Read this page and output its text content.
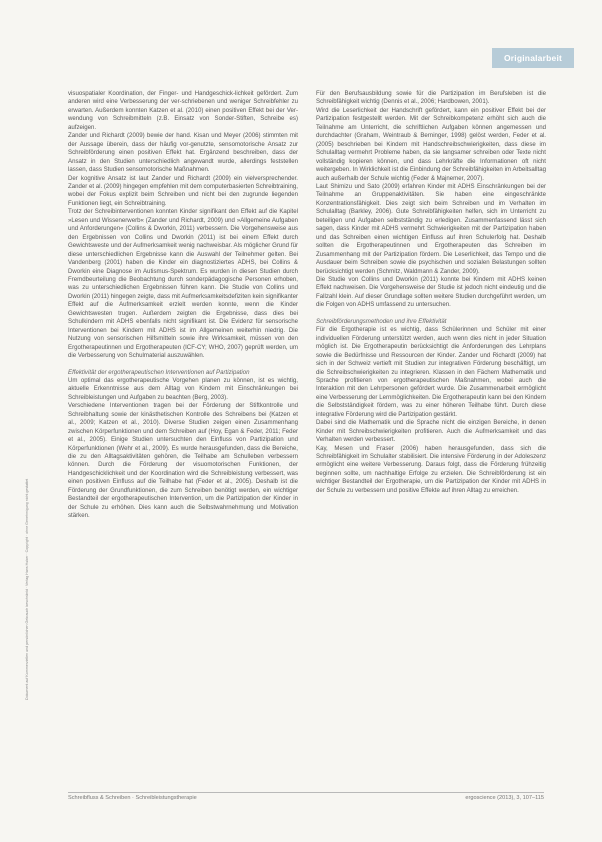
Originalarbeit
Dokument auf Kommerziellen und persönlichen Gebrauch beschränkt · Verlag Hans Huber · Copyright · ohne Genehmigung nicht gestattet

visuospatialer Koordination, der Finger- und Handgeschick-lichkeit gefördert. Zum anderen wird eine Verbesserung der ver-schriebenen und weniger Schreibfehler zu erwarten. Außerdem konnten Katzen et al. (2010) einen positiven Effekt bei der Ver-wendung von Schreibmitteln (z.B. Einsatz von Sonder-Stiften, Schreibe es) aufzeigen.

Zander und Richardt (2009) bewie der hand. Kisan und Meyer (2006) stimmten mit der Aussage überein, dass der häufig vor-genutzte, sensomotorische Ansatz zur Schreibförderung einen positiven Effekt hat. Ergänzend beschreiben, dass der Ansatz in den Studien unterschiedlich angewandt wurde, allerdings feststellen lassen, dass Studien sensomotorische Maßnahmen.

Der kognitive Ansatz ist laut Zander und Richardt (2009) ein vielversprechender. Zander et al. (2009) hingegen empfehlen mit dem computerbasierten Schreibtraining, wobei der Fokus explizit beim Schreiben und nicht bei den zugrunde liegenden Funktionen liegt, ein Schreibtraining.

Trotz der Schreibinterventionen konnten Kinder signifikant den Effekt auf die Kapitel »Lesen und Wissenerwerb« (Zander und Richardt, 2009) und »Allgemeine Aufgaben und Anforderungen« (Collins & Dworkin, 2011) verbessern. Die Vorgehensweise aus den Ergebnissen von Collins und Dworkin (2011) ist bei einem Effekt durch Gewichtsweste und der Aufmerksamkeit wenig nachweisbar. Als möglicher Grund für diese unterschiedlichen Ergebnisse kann die Auswahl der Teilnehmer gelten. Bei Vandenberg (2001) haben die Kinder ein diagnostiziertes ADHS, bei Collins & Dworkin eine Diagnose im Autismus-Spektrum. Es wurden in diesen Studien durch Fremdbeurteilung die Beobachtung durch sonderpädagogische Personen erhoben, was zu unterschiedlichen Ergebnissen führen kann. Die Studie von Collins und Dworkin (2011) hingegen zeigte, dass mit Aufmerksamkeitsdefiziten kein signifikanter Effekt auf die Aufmerksamkeit erzielt werden konnte, wenn die Kinder Gewichtswesten trugen. Außerdem zeigten die Ergebnisse, dass dies bei Schulkindern mit ADHS ebenfalls nicht signifikant ist. Die Evidenz für sensorische Interventionen bei Kindern mit ADHS ist im Allgemeinen weiterhin niedrig. Die Nutzung von sensorischen Hilfsmitteln sowie ihre Wirksamkeit, müssen von den Ergotherapeutinnen und Ergotherapeuten (ICF-CY; WHO, 2007) geprüft werden, um die Verbesserung von Schulmaterial auszuwählen.

Effektivität der ergotherapeutischen Interventionen auf Partizipation

Um optimal das ergotherapeutische Vorgehen planen zu können, ist es wichtig, aktuelle Erkenntnisse aus dem Alltag von Kindern mit Einschränkungen bei Schreibleistungen und Aufgaben zu beachten (Berg, 2003).

Verschiedene Interventionen tragen bei der Förderung der Stiftkontrolle und Schreibhaltung sowie der kinästhetischen Kontrolle des Schreibens bei (Katzen et al., 2009; Katzen et al., 2010). Diverse Studien zeigen einen Zusammenhang zwischen Körperfunktionen und dem Schreiben auf (Hoy, Egan & Feder, 2011; Feder et al., 2005). Einige Studien untersuchten den Einfluss von Partizipation und Körperfunktionen (Wehr et al., 2009). Es wurde herausgefunden, dass die Bereiche, die zu den Alltagsaktivitäten gehören, die Teilhabe am Schulleben verbessern können. Durch die Förderung der visuomotorischen Funktionen, der Handgeschicklichkeit und der Koordination wird die Schreibleistung verbessert, was einen positiven Einfluss auf die Teilhabe hat (Feder et al., 2005). Deshalb ist die Förderung der Grundfunktionen, die zum Schreiben benötigt werden, ein wichtiger Bestandteil der ergotherapeutischen Intervention, um die Partizipation der Kinder in der Schule zu erhöhen. Dies kann auch die Selbstwahrnehmung und Motivation stärken.

Für den Berufsausbildung sowie für die Partizipation im Berufsleben ist die Schreibfähigkeit wichtig (Dennis et al., 2006; Hardbowen, 2001).

Wird die Leserlichkeit der Handschrift gefördert, kann ein positiver Effekt bei der Partizipation festgestellt werden. Mit der Schreibkompetenz erhöht sich auch die Teilnahme am Unterricht, die schriftlichen Aufgaben können angemessen und durchdachter (Graham, Weintraub & Berninger, 1998) gelöst werden, Feder et al. (2005) beschrieben bei Kindern mit Handschreibschwierigkeiten, dass diese im Schulalltag vermehrt Probleme haben, da sie langsamer schreiben oder Texte nicht vollständig kopieren können, und dass Lehrkräfte die Informationen oft nicht weitergeben. In Wirklichkeit ist die Einbindung der Schreibfähigkeiten im Arbeitsalltag auch außerhalb der Schule wichtig (Feder & Majnemer, 2007).

Laut Shimizu und Sato (2009) erfahren Kinder mit ADHS Einschränkungen bei der Teilnahme an Gruppenaktivitäten. Sie haben eine eingeschränkte Konzentrationsfähigkeit. Dies zeigt sich beim Schreiben und im Verhalten im Schulalltag (Barkley, 2006). Gute Schreibfähigkeiten helfen, sich im Unterricht zu beteiligen und Aufgaben selbstständig zu erledigen. Zusammenfassend lässt sich sagen, dass Kinder mit ADHS vermehrt Schwierigkeiten mit der Partizipation haben und das Schreiben einen wichtigen Einfluss auf ihren Schulerfolg hat. Deshalb sollten die Ergotherapeutinnen und Ergotherapeuten das Schreiben im Zusammenhang mit der Partizipation fördern. Die Leserlichkeit, das Tempo und die Ausdauer beim Schreiben sowie die psychischen und sozialen Belastungen sollten berücksichtigt werden (Schmitz, Waldmann & Zander, 2009).

Die Studie von Collins und Dworkin (2011) konnte bei Kindern mit ADHS keinen Effekt nachweisen. Die Vorgehensweise der Studie ist jedoch nicht eindeutig und die Fallzahl klein. Auf dieser Grundlage sollten weitere Studien durchgeführt werden, um die Folgen von ADHS umfassend zu untersuchen.

Schreibförderungsmethoden und ihre Effektivität

Für die Ergotherapie ist es wichtig, dass Schülerinnen und Schüler mit einer individuellen Förderung unterstützt werden, auch wenn dies nicht in jeder Situation möglich ist. Die Ergotherapeutin berücksichtigt die Anforderungen des Lehrplans sowie die Bedürfnisse und Ressourcen der Kinder. Zander und Richardt (2009) hat sich in der Schweiz vertieft mit Studien zur integrativen Förderung beschäftigt, um die Schreibschwierigkeiten zu integrieren. Klassen in den Fächern Mathematik und Sprache profitieren von ergotherapeutischen Maßnahmen, wobei auch die Interaktion mit den Lehrpersonen gefördert wurde. Die Zusammenarbeit ermöglicht eine Verbesserung der Lernmöglichkeiten. Die Ergotherapeutin kann bei den Kindern die Selbstständigkeit fördern, was zu einer höheren Teilhabe führt. Durch diese integrative Förderung wird die Partizipation gestärkt.

Dabei sind die Mathematik und die Sprache nicht die einzigen Bereiche, in denen Kinder mit Schreibschwierigkeiten profitieren. Auch die Aufmerksamkeit und das Verhalten werden verbessert.

Kay, Mesen und Fraser (2006) haben herausgefunden, dass sich die Schreibfähigkeit im Schulalter stabilisiert. Die intensive Förderung in der Adoleszenz ermöglicht eine weitere Verbesserung. Daraus folgt, dass die Förderung frühzeitig beginnen sollte, um nachhaltige Erfolge zu erzielen. Die Schreibförderung ist ein wichtiger Bestandteil der Ergotherapie, um die Partizipation der Kinder mit ADHS in der Schule zu verbessern und positive Effekte auf ihren Alltag zu erreichen.

Schreibfluss & Schreiben · Schreibleistungstherapie	ergoscience (2013), 3, 107–115
